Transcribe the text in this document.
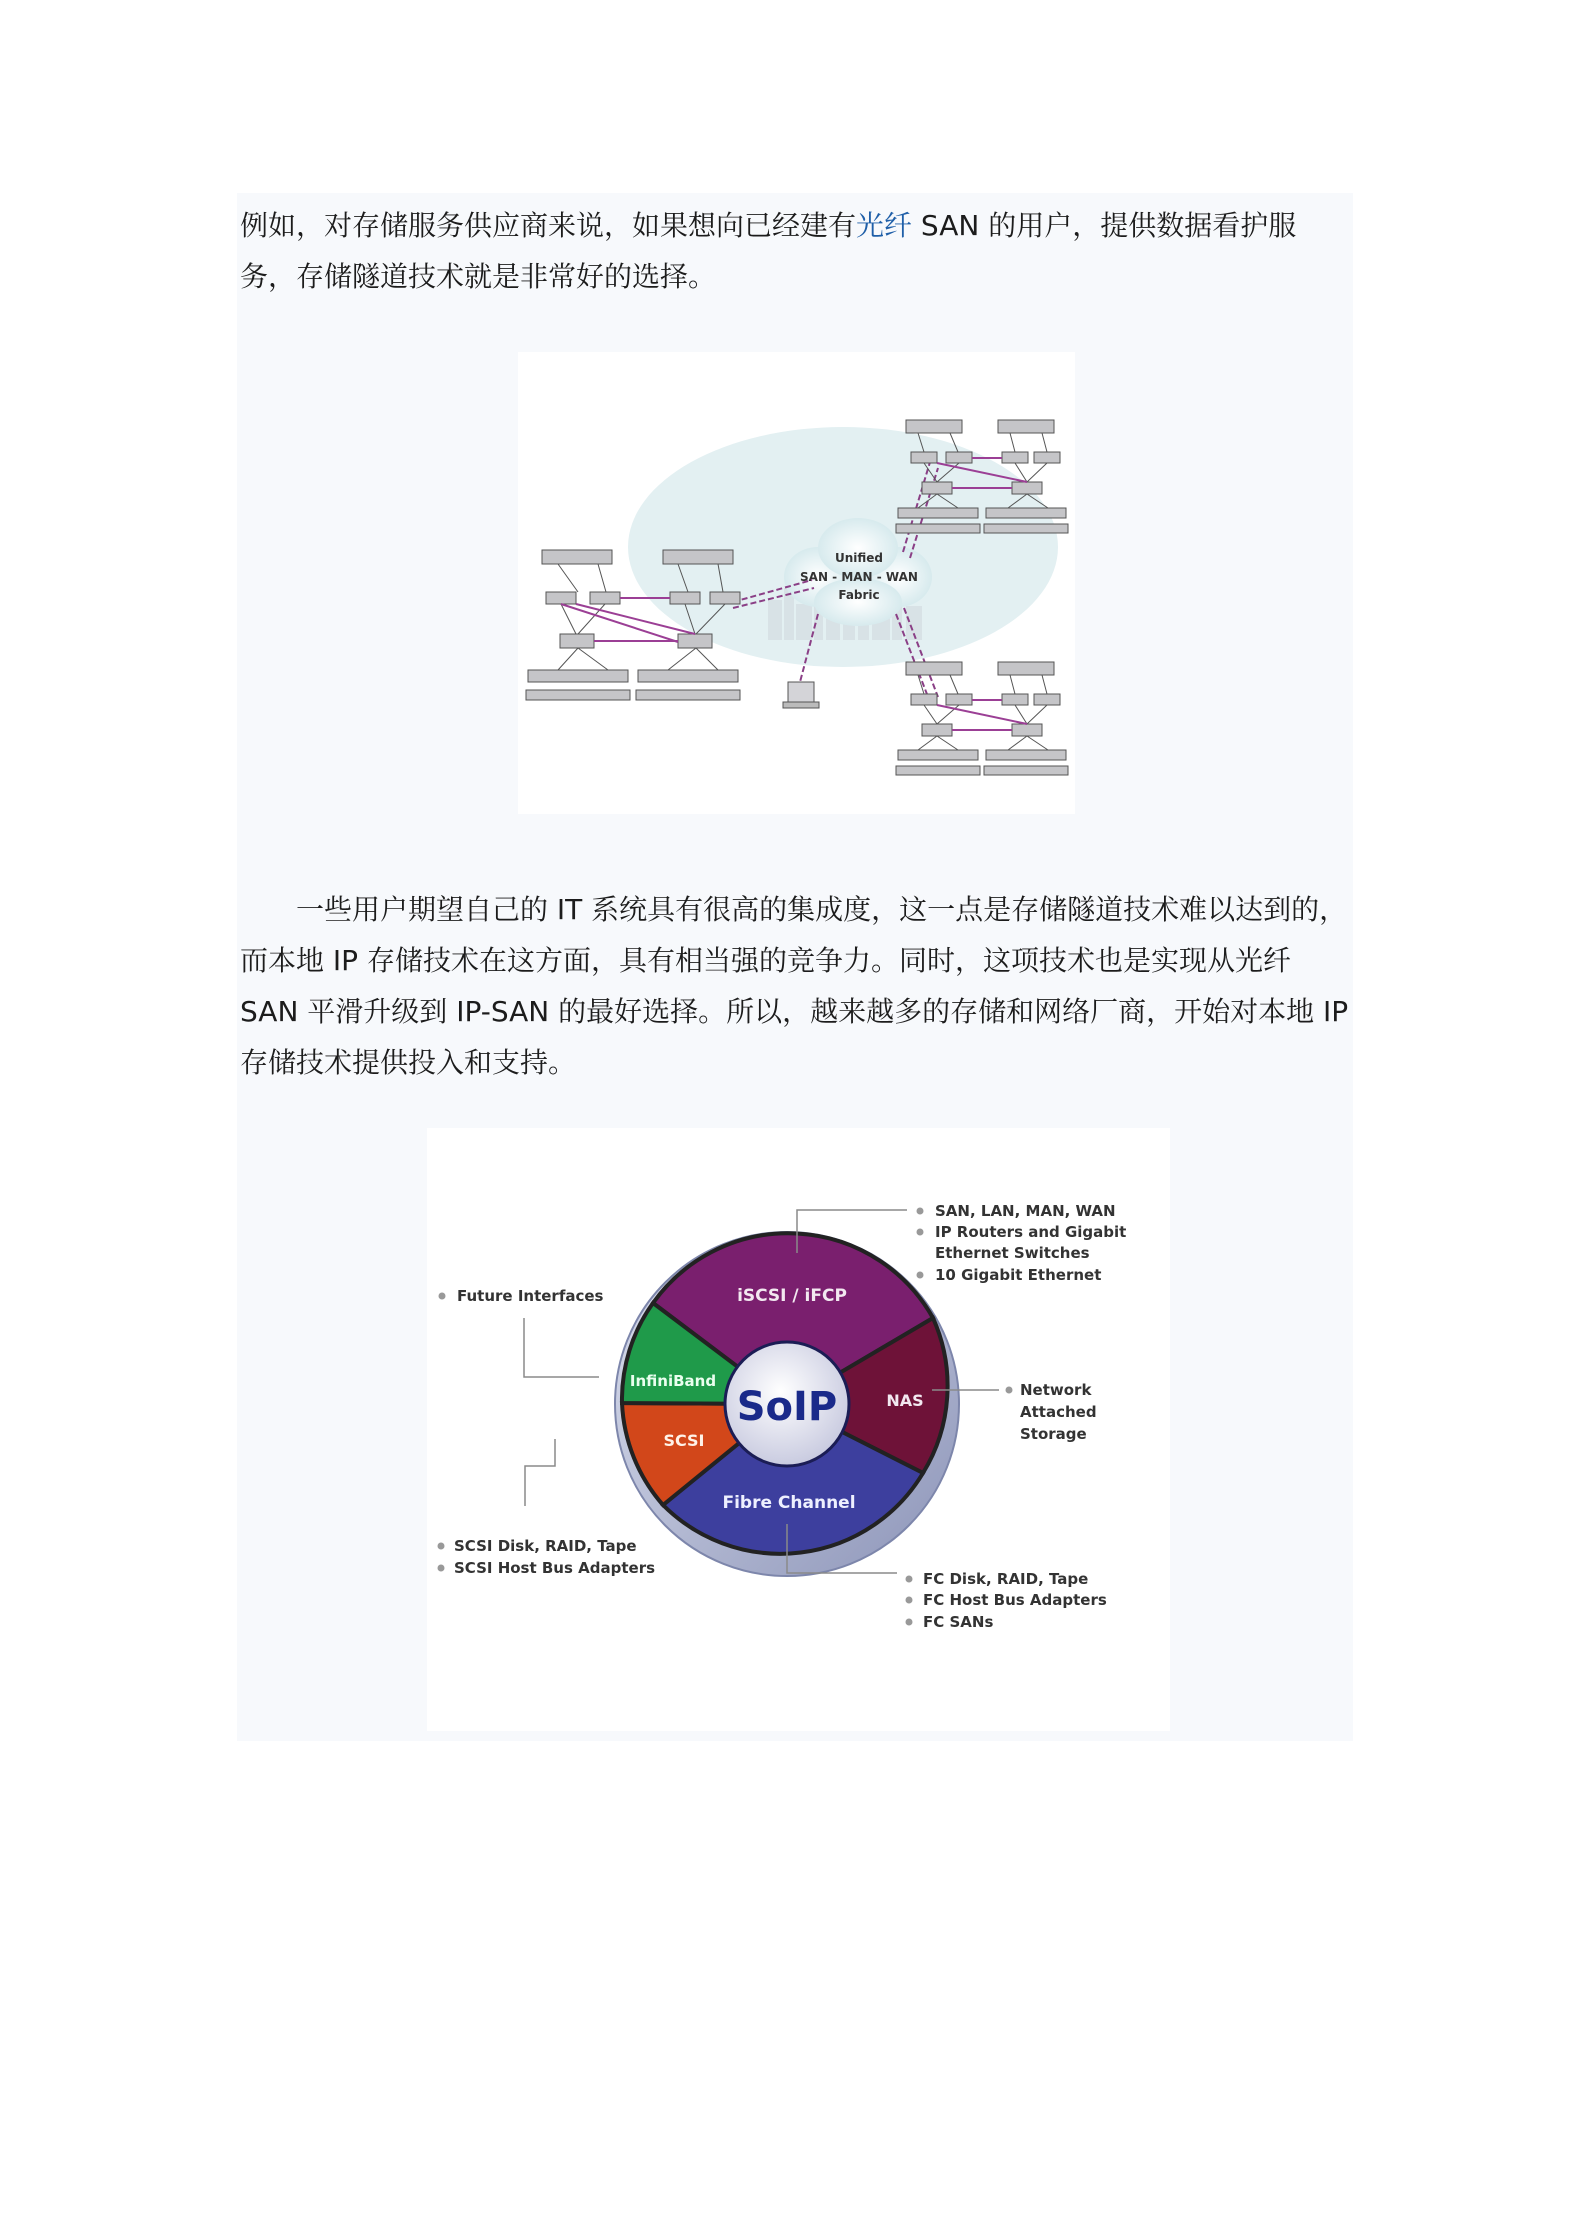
例如，对存储服务供应商来说，如果想向已经建有光纤 SAN 的用户，提供数据看护服务，存储隧道技术就是非常好的选择。

Unified
SAN - MAN - WAN
Fabric

一些用户期望自己的 IT 系统具有很高的集成度，这一点是存储隧道技术难以达到的，而本地 IP 存储技术在这方面，具有相当强的竞争力。同时，这项技术也是实现从光纤 SAN 平滑升级到 IP-SAN 的最好选择。所以，越来越多的存储和网络厂商，开始对本地 IP 存储技术提供投入和支持。

SoIP
iSCSI / iFCP
NAS
Fibre Channel
SCSI
InfiniBand
SAN, LAN, MAN, WAN
IP Routers and Gigabit
Ethernet Switches
10 Gigabit Ethernet
Future Interfaces
Network
Attached
Storage
SCSI Disk, RAID, Tape
SCSI Host Bus Adapters
FC Disk, RAID, Tape
FC Host Bus Adapters
FC SANs
